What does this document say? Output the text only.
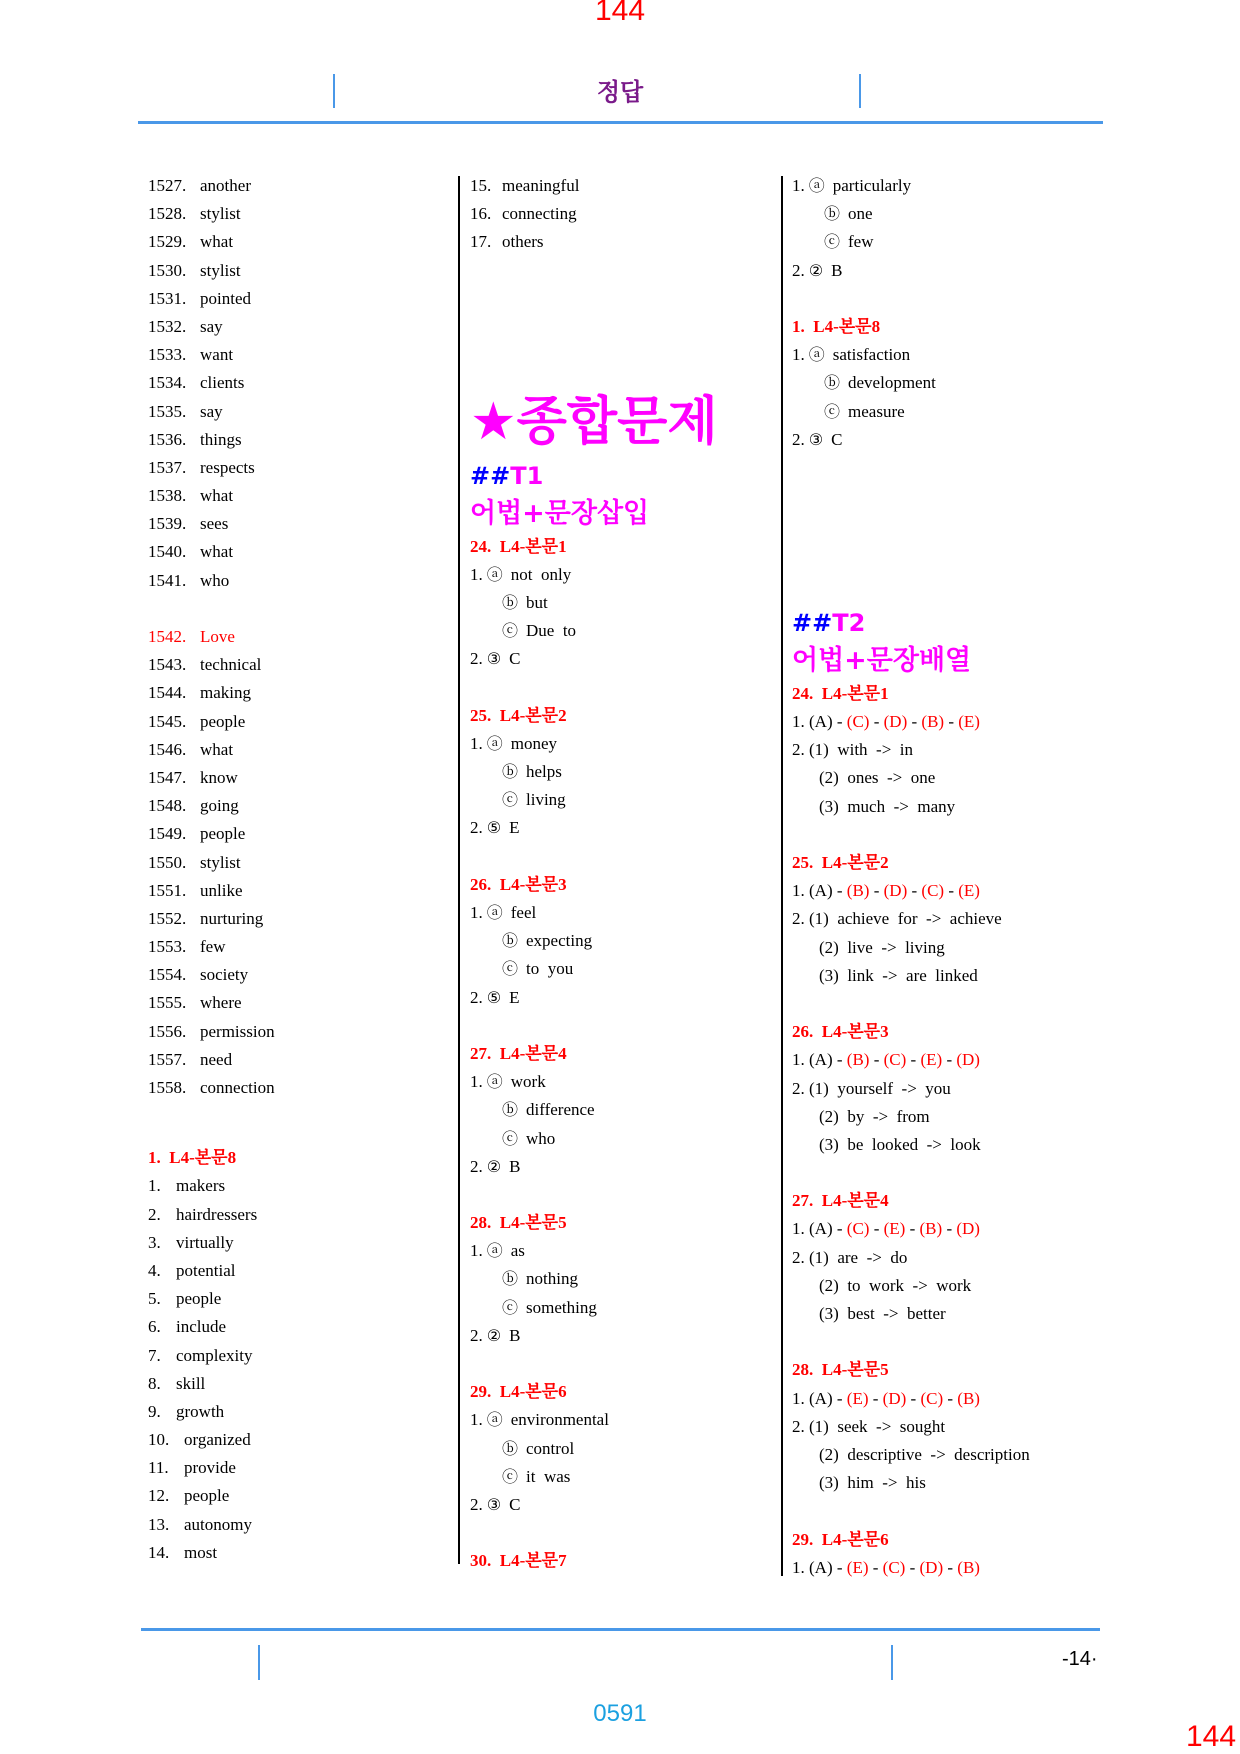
144
정답
1527. another
1528. stylist
1529. what
1530. stylist
1531. pointed
1532. say
1533. want
1534. clients
1535. say
1536. things
1537. respects
1538. what
1539. sees
1540. what
1541. who
1542. Love
1543. technical
1544. making
1545. people
1546. what
1547. know
1548. going
1549. people
1550. stylist
1551. unlike
1552. nurturing
1553. few
1554. society
1555. where
1556. permission
1557. need
1558. connection
1.  L4-본문8
1. makers
2. hairdressers
3. virtually
4. potential
5. people
6. include
7. complexity
8. skill
9. growth
10. organized
11. provide
12. people
13. autonomy
14. most
15. meaningful
16. connecting
17. others
★종합문제
##T1
어법+문장삽입
24.  L4-본문1
1. ⓐ not  only
ⓑ but
ⓒ Due  to
2. ③ C
25.  L4-본문2
1. ⓐ money
ⓑ helps
ⓒ living
2. ⑤ E
26.  L4-본문3
1. ⓐ feel
ⓑ expecting
ⓒ to  you
2. ⑤ E
27.  L4-본문4
1. ⓐ work
ⓑ difference
ⓒ who
2. ② B
28.  L4-본문5
1. ⓐ as
ⓑ nothing
ⓒ something
2. ② B
29.  L4-본문6
1. ⓐ environmental
ⓑ control
ⓒ it  was
2. ③ C
30.  L4-본문7
1. ⓐ particularly
ⓑ one
ⓒ few
2. ② B
1.  L4-본문8
1. ⓐ satisfaction
ⓑ development
ⓒ measure
2. ③ C
##T2
어법+문장배열
24.  L4-본문1
1. (A) - (C) - (D) - (B) - (E)
2. (1)  with  ->  in
(2)  ones  ->  one
(3)  much  ->  many
25.  L4-본문2
1. (A) - (B) - (D) - (C) - (E)
2. (1)  achieve  for  ->  achieve
(2)  live  ->  living
(3)  link  ->  are  linked
26.  L4-본문3
1. (A) - (B) - (C) - (E) - (D)
2. (1)  yourself  ->  you
(2)  by  ->  from
(3)  be  looked  ->  look
27.  L4-본문4
1. (A) - (C) - (E) - (B) - (D)
2. (1)  are  ->  do
(2)  to  work  ->  work
(3)  best  ->  better
28.  L4-본문5
1. (A) - (E) - (D) - (C) - (B)
2. (1)  seek  ->  sought
(2)  descriptive  ->  description
(3)  him  ->  his
29.  L4-본문6
1. (A) - (E) - (C) - (D) - (B)
-14·
0591
144
